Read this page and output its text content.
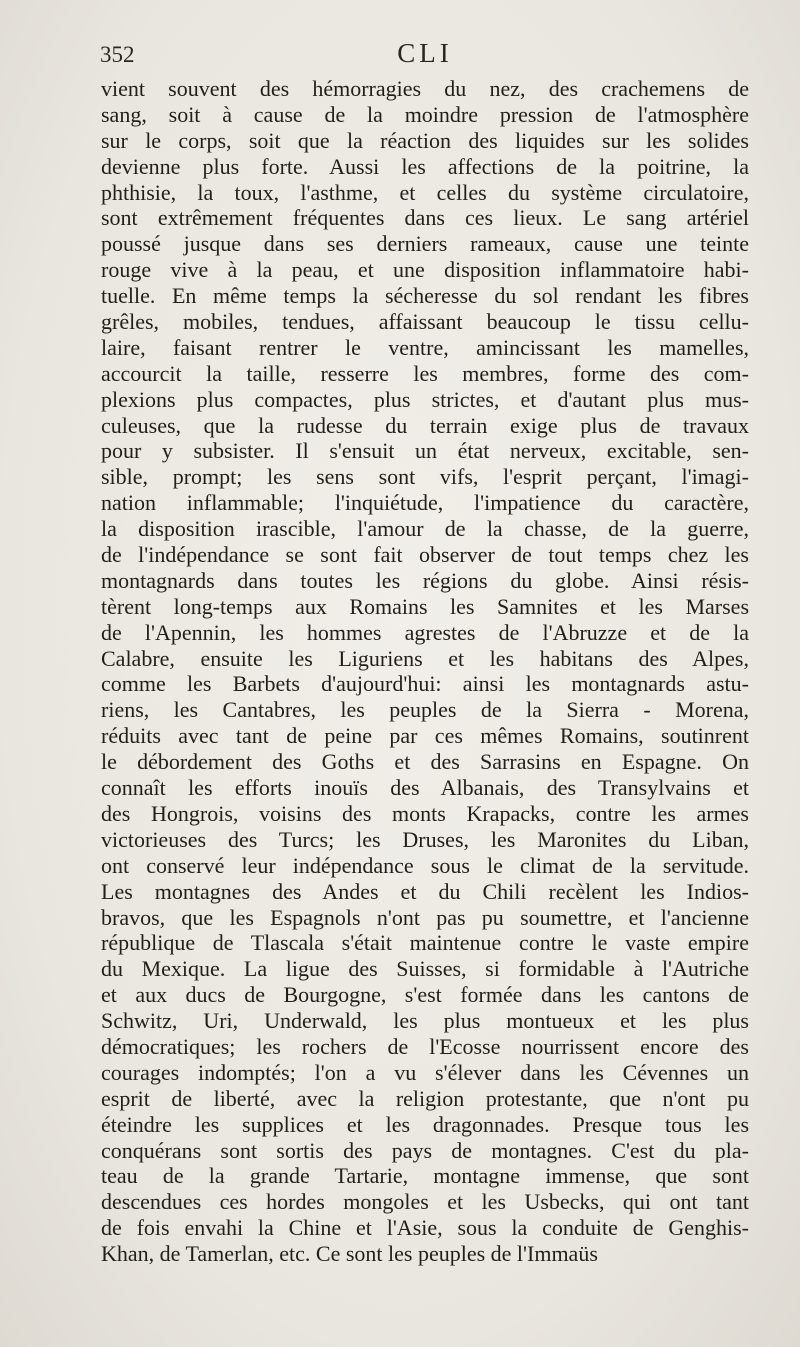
352	CLI
vient souvent des hémorragies du nez, des crachemens de
sang, soit à cause de la moindre pression de l'atmosphère
sur le corps, soit que la réaction des liquides sur les solides
devienne plus forte. Aussi les affections de la poitrine, la
phthisie, la toux, l'asthme, et celles du système circulatoire,
sont extrêmement fréquentes dans ces lieux. Le sang artériel
poussé jusque dans ses derniers rameaux, cause une teinte
rouge vive à la peau, et une disposition inflammatoire habi-
tuelle. En même temps la sécheresse du sol rendant les fibres
grêles, mobiles, tendues, affaissant beaucoup le tissu cellu-
laire, faisant rentrer le ventre, amincissant les mamelles,
accourcit la taille, resserre les membres, forme des com-
plexions plus compactes, plus strictes, et d'autant plus mus-
culeuses, que la rudesse du terrain exige plus de travaux
pour y subsister. Il s'ensuit un état nerveux, excitable, sen-
sible, prompt; les sens sont vifs, l'esprit perçant, l'imagi-
nation inflammable; l'inquiétude, l'impatience du caractère,
la disposition irascible, l'amour de la chasse, de la guerre,
de l'indépendance se sont fait observer de tout temps chez les
montagnards dans toutes les régions du globe. Ainsi résis-
tèrent long-temps aux Romains les Samnites et les Marses
de l'Apennin, les hommes agrestes de l'Abruzze et de la
Calabre, ensuite les Liguriens et les habitans des Alpes,
comme les Barbets d'aujourd'hui: ainsi les montagnards astu-
riens, les Cantabres, les peuples de la Sierra - Morena,
réduits avec tant de peine par ces mêmes Romains, soutinrent
le débordement des Goths et des Sarrasins en Espagne. On
connaît les efforts inouïs des Albanais, des Transylvains et
des Hongrois, voisins des monts Krapacks, contre les armes
victorieuses des Turcs; les Druses, les Maronites du Liban,
ont conservé leur indépendance sous le climat de la servitude.
Les montagnes des Andes et du Chili recèlent les Indios-
bravos, que les Espagnols n'ont pas pu soumettre, et l'ancienne
république de Tlascala s'était maintenue contre le vaste empire
du Mexique. La ligue des Suisses, si formidable à l'Autriche
et aux ducs de Bourgogne, s'est formée dans les cantons de
Schwitz, Uri, Underwald, les plus montueux et les plus
démocratiques; les rochers de l'Ecosse nourrissent encore des
courages indomptés; l'on a vu s'élever dans les Cévennes un
esprit de liberté, avec la religion protestante, que n'ont pu
éteindre les supplices et les dragonnades. Presque tous les
conquérans sont sortis des pays de montagnes. C'est du pla-
teau de la grande Tartarie, montagne immense, que sont
descendues ces hordes mongoles et les Usbecks, qui ont tant
de fois envahi la Chine et l'Asie, sous la conduite de Genghis-
Khan, de Tamerlan, etc. Ce sont les peuples de l'Immaüs
